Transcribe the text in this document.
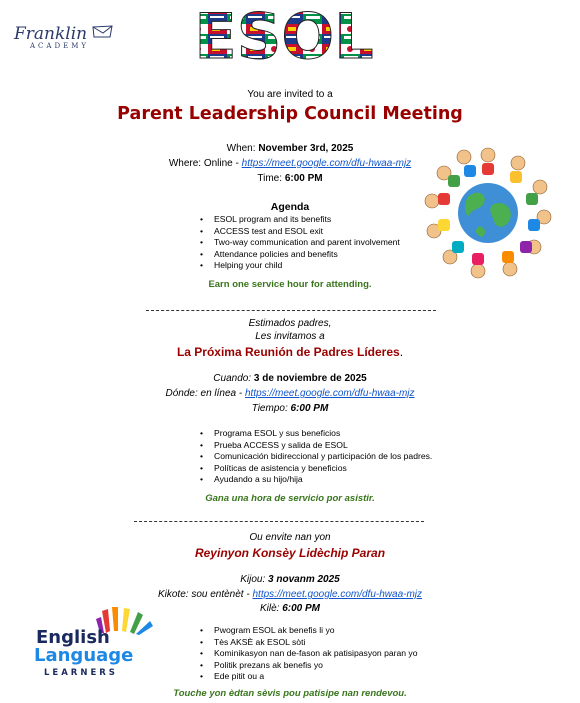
Franklin
ACADEMY	ESOL
You are invited to a
Parent Leadership Council Meeting
When: November 3rd, 2025
Where: Online - https://meet.google.com/dfu-hwaa-mjz
Time: 6:00 PM
Agenda
• ESOL program and its benefits
• ACCESS test and ESOL exit
• Two-way communication and parent involvement
• Attendance policies and benefits
• Helping your child
Earn one service hour for attending.
Estimados padres,
Les invitamos a
La Próxima Reunión de Padres Líderes.
Cuando: 3 de noviembre de 2025
Dónde: en línea - https://meet.google.com/dfu-hwaa-mjz
Tiempo: 6:00 PM
• Programa ESOL y sus beneficios
• Prueba ACCESS y salida de ESOL
• Comunicación bidireccional y participación de los padres.
• Políticas de asistencia y beneficios
• Ayudando a su hijo/hija
Gana una hora de servicio por asistir.
Ou envite nan yon
Reyinyon Konsèy Lidèchip Paran
Kijou: 3 novanm 2025
Kikote: sou entènèt - https://meet.google.com/dfu-hwaa-mjz
Kilè: 6:00 PM
• Pwogram ESOL ak benefis li yo
• Tès AKSÈ ak ESOL sòti
• Kominikasyon nan de-fason ak patisipasyon paran yo
• Politik prezans ak benefis yo
• Ede pitit ou a
Touche yon èdtan sèvis pou patisipe nan rendevou.
English
Language
LEARNERS
